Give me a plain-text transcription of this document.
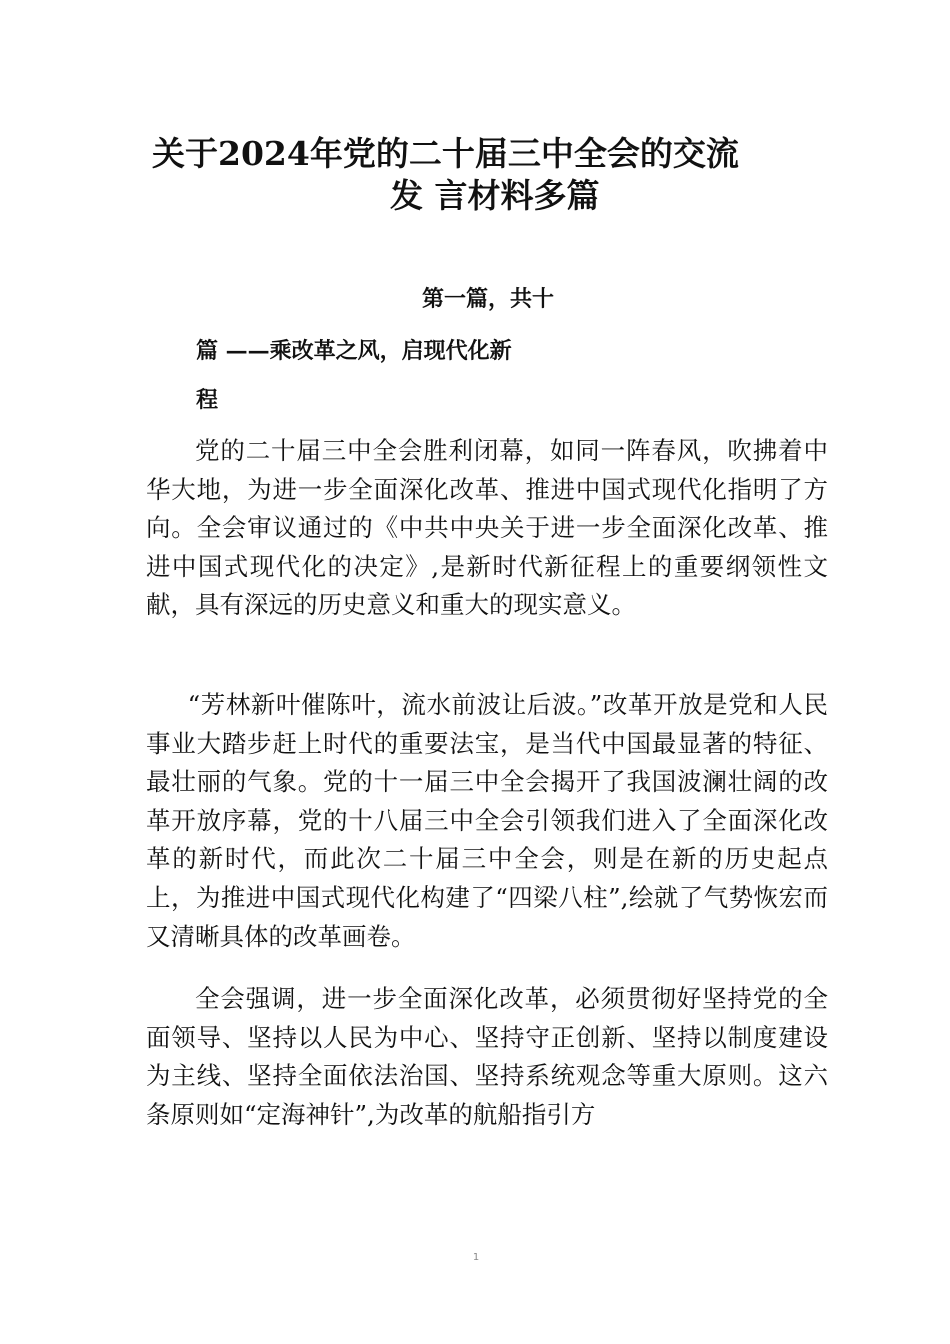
关于2024年党的二十届三中全会的交流
发 言材料多篇
第一篇，共十
篇 ——乘改革之风，启现代化新
程

党的二十届三中全会胜利闭幕，如同一阵春风，吹拂着中华大地，为进一步全面深化改革、推进中国式现代化指明了方向。全会审议通过的《中共中央关于进一步全面深化改革、推进中国式现代化的决定》,是新时代新征程上的重要纲领性文献，具有深远的历史意义和重大的现实意义。

“芳林新叶催陈叶，流水前波让后波。”改革开放是党和人民事业大踏步赶上时代的重要法宝，是当代中国最显著的特征、最壮丽的气象。党的十一届三中全会揭开了我国波澜壮阔的改革开放序幕，党的十八届三中全会引领我们进入了全面深化改革的新时代，而此次二十届三中全会，则是在新的历史起点上，为推进中国式现代化构建了“四梁八柱”,绘就了气势恢宏而又清晰具体的改革画卷。

全会强调，进一步全面深化改革，必须贯彻好坚持党的全面领导、坚持以人民为中心、坚持守正创新、坚持以制度建设为主线、坚持全面依法治国、坚持系统观念等重大原则。这六条原则如“定海神针”,为改革的航船指引方

1
